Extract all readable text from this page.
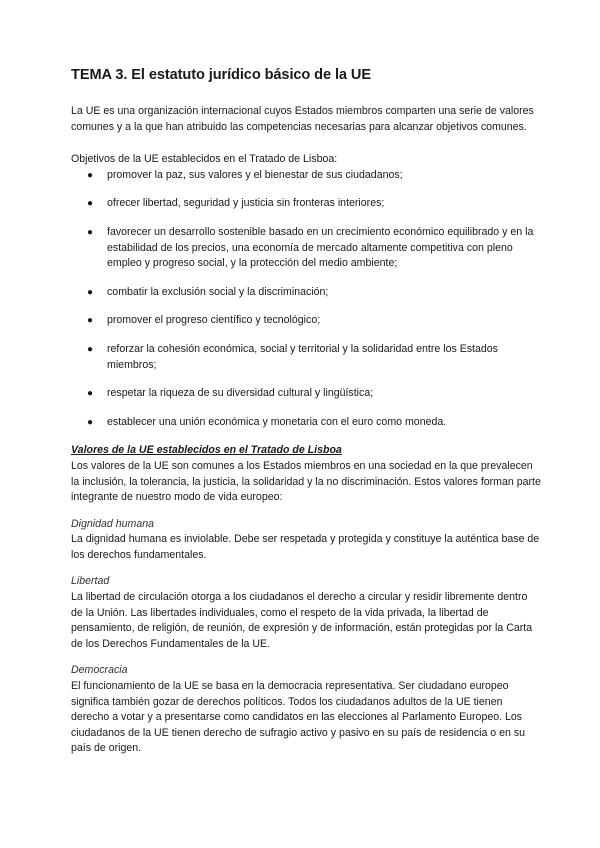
TEMA 3. El estatuto jurídico básico de la UE

La UE es una organización internacional cuyos Estados miembros comparten una serie de valores comunes y a la que han atribuido las competencias necesarias para alcanzar objetivos comunes.

Objetivos de la UE establecidos en el Tratado de Lisboa:

● promover la paz, sus valores y el bienestar de sus ciudadanos;
● ofrecer libertad, seguridad y justicia sin fronteras interiores;
● favorecer un desarrollo sostenible basado en un crecimiento económico equilibrado y en la estabilidad de los precios, una economía de mercado altamente competitiva con pleno empleo y progreso social, y la protección del medio ambiente;
● combatir la exclusión social y la discriminación;
● promover el progreso científico y tecnológico;
● reforzar la cohesión económica, social y territorial y la solidaridad entre los Estados miembros;
● respetar la riqueza de su diversidad cultural y lingüística;
● establecer una unión económica y monetaria con el euro como moneda.

Valores de la UE establecidos en el Tratado de Lisboa

Los valores de la UE son comunes a los Estados miembros en una sociedad en la que prevalecen la inclusión, la tolerancia, la justicia, la solidaridad y la no discriminación. Estos valores forman parte integrante de nuestro modo de vida europeo:

Dignidad humana

La dignidad humana es inviolable. Debe ser respetada y protegida y constituye la auténtica base de los derechos fundamentales.

Libertad

La libertad de circulación otorga a los ciudadanos el derecho a circular y residir libremente dentro de la Unión. Las libertades individuales, como el respeto de la vida privada, la libertad de pensamiento, de religión, de reunión, de expresión y de información, están protegidas por la Carta de los Derechos Fundamentales de la UE.

Democracia

El funcionamiento de la UE se basa en la democracia representativa. Ser ciudadano europeo significa también gozar de derechos políticos. Todos los ciudadanos adultos de la UE tienen derecho a votar y a presentarse como candidatos en las elecciones al Parlamento Europeo. Los ciudadanos de la UE tienen derecho de sufragio activo y pasivo en su país de residencia o en su país de origen.
